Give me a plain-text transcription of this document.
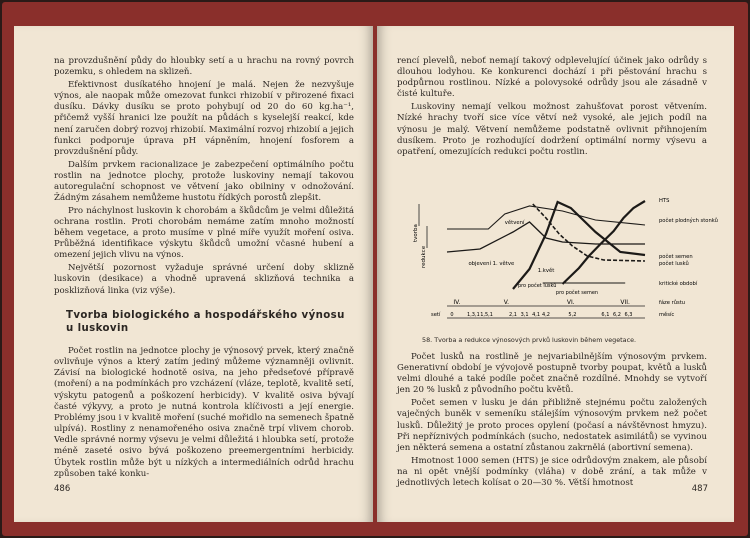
na provzdušnění půdy do hloubky setí a u hrachu na rovný povrch pozemku, s ohledem na sklizeň.

Efektivnost dusíkatého hnojení je malá. Nejen že nezvyšuje výnos, ale naopak může omezovat funkci rhizobií v přirozené fixaci dusíku. Dávky dusíku se proto pohybují od 20 do 60 kg.ha⁻¹, přičemž vyšší hranici lze použít na půdách s kyselejší reakcí, kde není zaručen dobrý rozvoj rhizobií. Maximální rozvoj rhizobií a jejich funkci podporuje úprava pH vápněním, hnojení fosforem a provzdušnění půdy.

Dalším prvkem racionalizace je zabezpečení optimálního počtu rostlin na jednotce plochy, protože luskoviny nemají takovou autoregulační schopnost ve větvení jako obilniny v odnožování. Žádným zásahem nemůžeme hustotu řídkých porostů zlepšit.

Pro náchylnost luskovin k chorobám a škůdcům je velmi důležitá ochrana rostlin. Proti chorobám nemáme zatím mnoho možností během vegetace, a proto musíme v plné míře využít moření osiva. Průběžná identifikace výskytu škůdců umožní včasné hubení a omezení jejich vlivu na výnos.

Největší pozornost vyžaduje správné určení doby sklizně luskovin (desikace) a vhodně upravená sklizňová technika a posklizňová linka (viz výše).

Tvorba biologického a hospodářského výnosu u luskovin

Počet rostlin na jednotce plochy je výnosový prvek, který značně ovlivňuje výnos a který zatím jediný můžeme významněji ovlivnit. Závisí na biologické hodnotě osiva, na jeho předseťové přípravě (moření) a na podmínkách pro vzcházení (vláze, teplotě, kvalitě setí, výskytu patogenů a poškození herbicidy). V kvalitě osiva bývají časté výkyvy, a proto je nutná kontrola klíčivosti a její energie. Problémy jsou i v kvalitě moření (suché mořidlo na semenech špatně ulpívá). Rostliny z nenamořeného osiva značně trpí vlivem chorob. Vedle správné normy výsevu je velmi důležitá i hloubka setí, protože méně zaseté osivo bývá poškozeno preemergentními herbicidy. Úbytek rostlin může být u nízkých a intermediálních odrůd hrachu způsoben také konku-

486

rencí plevelů, neboť nemají takový odplevelující účinek jako odrůdy s dlouhou lodyhou. Ke konkurenci dochází i při pěstování hrachu s podpůrnou rostlinou. Nízké a polovysoké odrůdy jsou ale zásadně v čisté kultuře.

Luskoviny nemají velkou možnost zahušťovat porost větvením. Nízké hrachy tvoří sice více větví než vysoké, ale jejich podíl na výnosu je malý. Větvení nemůžeme podstatně ovlivnit přihnojením dusíkem. Proto je rozhodující dodržení optimální normy výsevu a opatření, omezujících redukci počtu rostlin.

tvorba
redukce
IV.	V.	VI.	VII.
0	1,3,1 1,5,1	2,1 3,1 4,1 4,2	5,2	6,1 6,2 6,3
setí
fáze růstu
měsíc
HTS
počet plodných stonků
počet semen
počet lusků
kritické období
větvení
objevení 1. větve
1.květ
pro počet lusků
pro počet semen
58. Tvorba a redukce výnosových prvků luskovin během vegetace.

Počet lusků na rostlině je nejvariabilnějším výnosovým prvkem. Generativní období je vývojově postupně tvorby poupat, květů a lusků velmi dlouhé a také podíle počet značně rozdílné. Mnohdy se vytvoří jen 20 % lusků z původního počtu květů.

Počet semen v lusku je dán přibližně stejnému počtu založených vaječných buněk v semeníku stálejším výnosovým prvkem než počet lusků. Důležitý je proto proces opylení (počasí a návštěvnost hmyzu). Při nepříznivých podmínkách (sucho, nedostatek asimilátů) se vyvinou jen některá semena a ostatní zůstanou zakrnělá (abortivní semena).

Hmotnost 1000 semen (HTS) je sice odrůdovým znakem, ale působí na ni opět vnější podmínky (vláha) v době zrání, a tak může v jednotlivých letech kolísat o 20—30 %. Větší hmotnost

487
